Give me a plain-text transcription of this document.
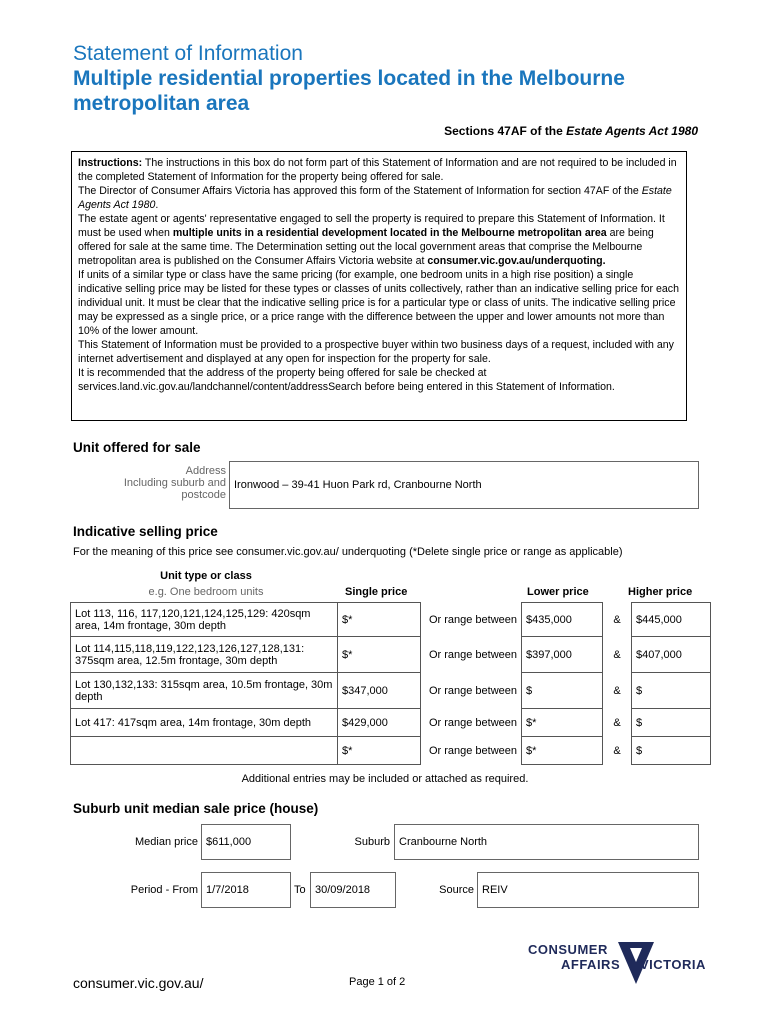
Statement of Information
Multiple residential properties located in the Melbourne metropolitan area
Sections 47AF of the Estate Agents Act 1980

Instructions: The instructions in this box do not form part of this Statement of Information and are not required to be included in the completed Statement of Information for the property being offered for sale.

The Director of Consumer Affairs Victoria has approved this form of the Statement of Information for section 47AF of the Estate Agents Act 1980.

The estate agent or agents' representative engaged to sell the property is required to prepare this Statement of Information. It must be used when multiple units in a residential development located in the Melbourne metropolitan area are being offered for sale at the same time. The Determination setting out the local government areas that comprise the Melbourne metropolitan area is published on the Consumer Affairs Victoria website at consumer.vic.gov.au/underquoting.

If units of a similar type or class have the same pricing (for example, one bedroom units in a high rise position) a single indicative selling price may be listed for these types or classes of units collectively, rather than an indicative selling price for each individual unit. It must be clear that the indicative selling price is for a particular type or class of units. The indicative selling price may be expressed as a single price, or a price range with the difference between the upper and lower amounts not more than 10% of the lower amount.

This Statement of Information must be provided to a prospective buyer within two business days of a request, included with any internet advertisement and displayed at any open for inspection for the property for sale.

It is recommended that the address of the property being offered for sale be checked at services.land.vic.gov.au/landchannel/content/addressSearch before being entered in this Statement of Information.

Unit offered for sale
Address
Including suburb and
postcode
Ironwood – 39-41 Huon Park rd, Cranbourne North
Indicative selling price
For the meaning of this price see consumer.vic.gov.au/ underquoting (*Delete single price or range as applicable)
Unit type or class
e.g. One bedroom units	Single price	Lower price	Higher price
Lot 113, 116, 117,120,121,124,125,129: 420sqm area, 14m frontage, 30m depth	$*	Or range between	$435,000	&	$445,000
Lot 114,115,118,119,122,123,126,127,128,131: 375sqm area, 12.5m frontage, 30m depth	$*	Or range between	$397,000	&	$407,000
Lot 130,132,133: 315sqm area, 10.5m frontage, 30m depth	$347,000	Or range between	$	&	$
Lot 417: 417sqm area, 14m frontage, 30m depth	$429,000	Or range between	$*	&	$
	$*	Or range between	$*	&	$
Additional entries may be included or attached as required.
Suburb unit median sale price (house)
Median price $611,000	Suburb Cranbourne North
Period - From 1/7/2018	To 30/09/2018	Source REIV
CONSUMER
AFFAIRS VICTORIA
consumer.vic.gov.au/	Page 1 of 2
